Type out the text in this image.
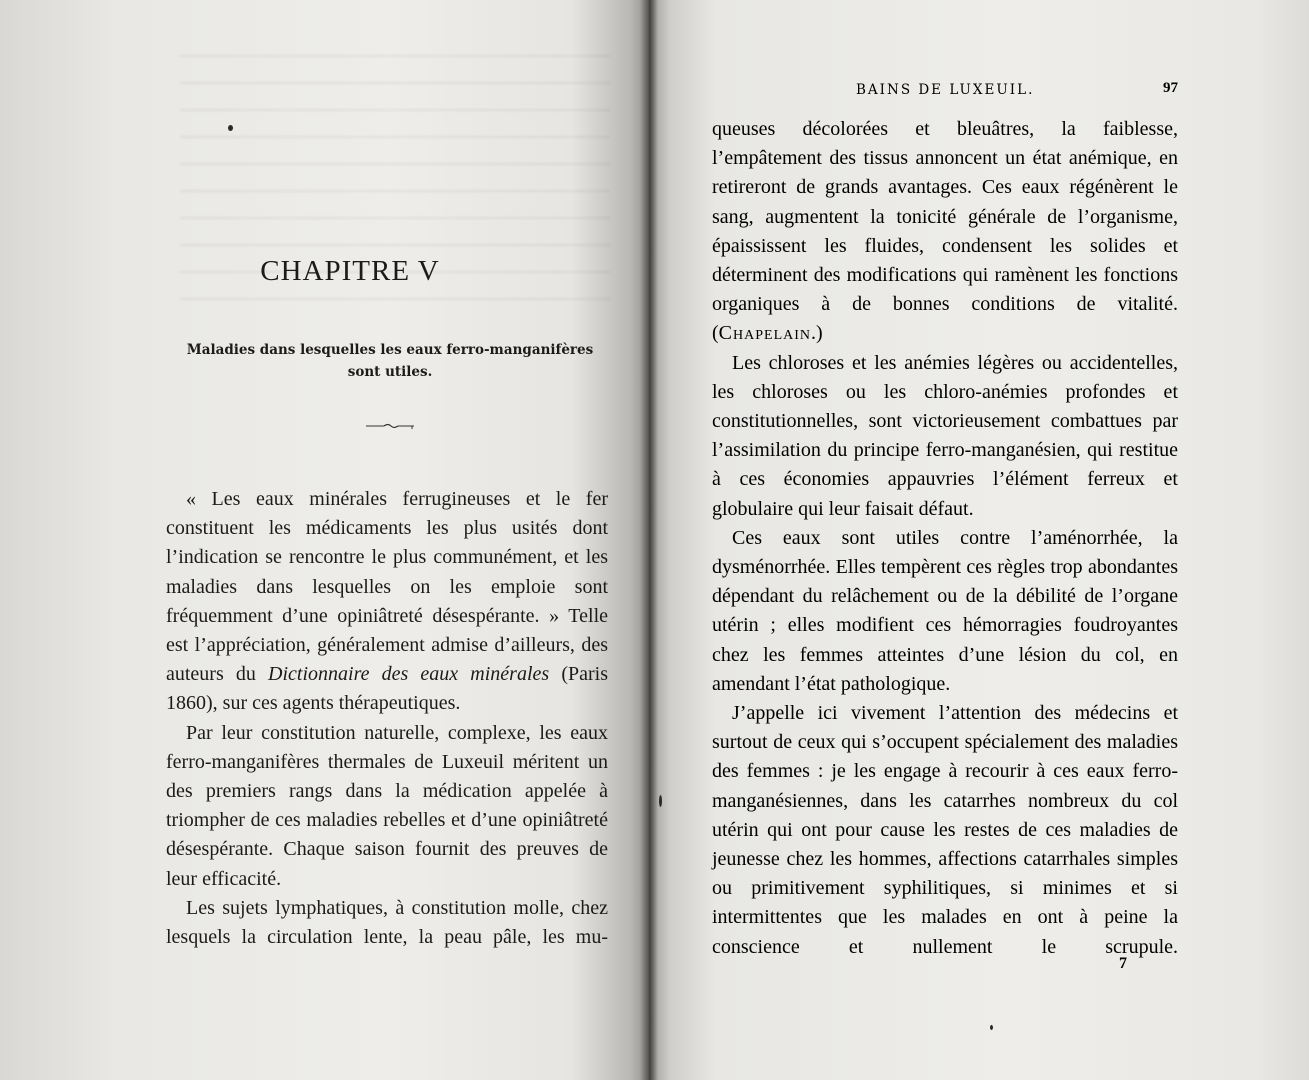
CHAPITRE V
Maladies dans lesquelles les eaux ferro-manganifères
sont utiles.

« Les eaux minérales ferrugineuses et le fer constituent les médicaments les plus usités dont l’indication se rencontre le plus communément, et les maladies dans lesquelles on les emploie sont fréquemment d’une opiniâtreté désespérante. » Telle est l’appréciation, généralement admise d’ailleurs, des auteurs du Dictionnaire des eaux minérales (Paris 1860), sur ces agents thérapeutiques.

Par leur constitution naturelle, complexe, les eaux ferro-manganifères thermales de Luxeuil méritent un des premiers rangs dans la médication appelée à triompher de ces maladies rebelles et d’une opiniâtreté désespérante. Chaque saison fournit des preuves de leur efficacité.

Les sujets lymphatiques, à constitution molle, chez lesquels la circulation lente, la peau pâle, les mu-

BAINS DE LUXEUIL.	97

queuses décolorées et bleuâtres, la faiblesse, l’empâtement des tissus annoncent un état anémique, en retireront de grands avantages. Ces eaux régénèrent le sang, augmentent la tonicité générale de l’organisme, épaississent les fluides, condensent les solides et déterminent des modifications qui ramènent les fonctions organiques à de bonnes conditions de vitalité. (Chapelain.)

Les chloroses et les anémies légères ou accidentelles, les chloroses ou les chloro-anémies profondes et constitutionnelles, sont victorieusement combattues par l’assimilation du principe ferro-manganésien, qui restitue à ces économies appauvries l’élément ferreux et globulaire qui leur faisait défaut.

Ces eaux sont utiles contre l’aménorrhée, la dysménorrhée. Elles tempèrent ces règles trop abondantes dépendant du relâchement ou de la débilité de l’organe utérin ; elles modifient ces hémorragies foudroyantes chez les femmes atteintes d’une lésion du col, en amendant l’état pathologique.

J’appelle ici vivement l’attention des médecins et surtout de ceux qui s’occupent spécialement des maladies des femmes : je les engage à recourir à ces eaux ferro-manganésiennes, dans les catarrhes nombreux du col utérin qui ont pour cause les restes de ces maladies de jeunesse chez les hommes, affections catarrhales simples ou primitivement syphilitiques, si minimes et si intermittentes que les malades en ont à peine la conscience et nullement le scrupule.

7
